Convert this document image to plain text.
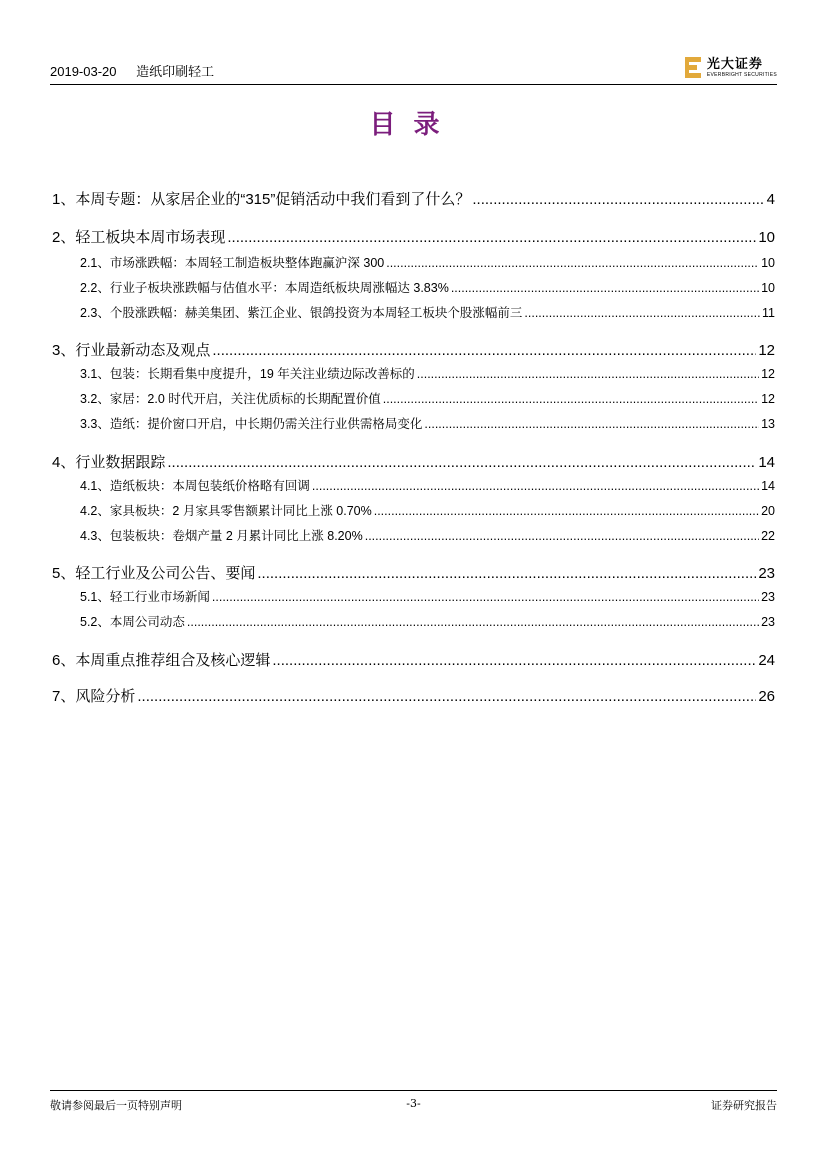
2019-03-20 造纸印刷轻工	光大证券
EVERBRIGHT SECURITIES
目录
1、 本周专题：从家居企业的“315”促销活动中我们看到了什么？ .....	4
2、 轻工板块本周市场表现 .....	10
2.1、 市场涨跌幅：本周轻工制造板块整体跑赢沪深 300 .....	10
2.2、 行业子板块涨跌幅与估值水平：本周造纸板块周涨幅达 3.83% .....	10
2.3、 个股涨跌幅：赫美集团、紫江企业、银鸽投资为本周轻工板块个股涨幅前三 .....	11
3、 行业最新动态及观点 .....	12
3.1、 包装：长期看集中度提升，19 年关注业绩边际改善标的 .....	12
3.2、 家居：2.0 时代开启，关注优质标的长期配置价值 .....	12
3.3、 造纸：提价窗口开启，中长期仍需关注行业供需格局变化 .....	13
4、 行业数据跟踪 .....	14
4.1、 造纸板块：本周包装纸价格略有回调 .....	14
4.2、 家具板块：2 月家具零售额累计同比上涨 0.70% .....	20
4.3、 包装板块：卷烟产量 2 月累计同比上涨 8.20% .....	22
5、 轻工行业及公司公告、要闻 .....	23
5.1、 轻工行业市场新闻 .....	23
5.2、 本周公司动态 .....	23
6、 本周重点推荐组合及核心逻辑 .....	24
7、 风险分析 .....	26
敬请参阅最后一页特别声明	-3-	证券研究报告
